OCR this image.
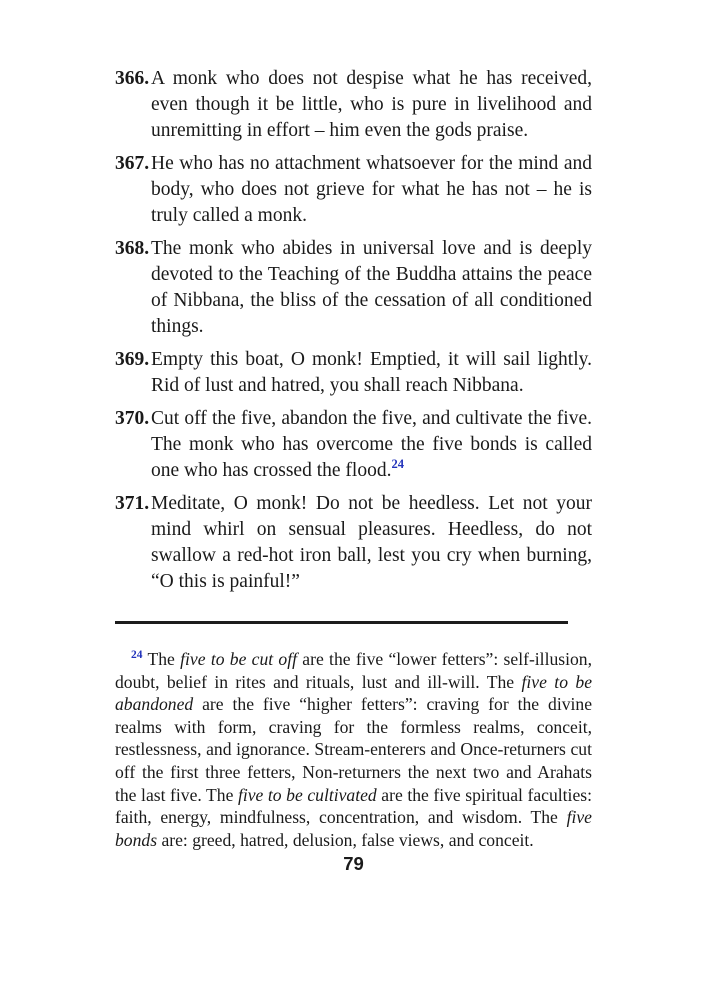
366. A monk who does not despise what he has received, even though it be little, who is pure in livelihood and unremitting in effort – him even the gods praise.
367. He who has no attachment whatsoever for the mind and body, who does not grieve for what he has not – he is truly called a monk.
368. The monk who abides in universal love and is deeply devoted to the Teaching of the Buddha attains the peace of Nibbana, the bliss of the cessation of all conditioned things.
369. Empty this boat, O monk! Emptied, it will sail lightly. Rid of lust and hatred, you shall reach Nibbana.
370. Cut off the five, abandon the five, and cultivate the five. The monk who has overcome the five bonds is called one who has crossed the flood.$^{24}$
371. Meditate, O monk! Do not be heedless. Let not your mind whirl on sensual pleasures. Heedless, do not swallow a red-hot iron ball, lest you cry when burning, “O this is painful!”

$^{24}$ The five to be cut off are the five “lower fetters”: self-illusion, doubt, belief in rites and rituals, lust and ill-will. The five to be abandoned are the five “higher fetters”: craving for the divine realms with form, craving for the formless realms, conceit, restlessness, and ignorance. Stream-enterers and Once-returners cut off the first three fetters, Non-returners the next two and Arahats the last five. The five to be cultivated are the five spiritual faculties: faith, energy, mindfulness, concentration, and wisdom. The five bonds are: greed, hatred, delusion, false views, and conceit.

79
